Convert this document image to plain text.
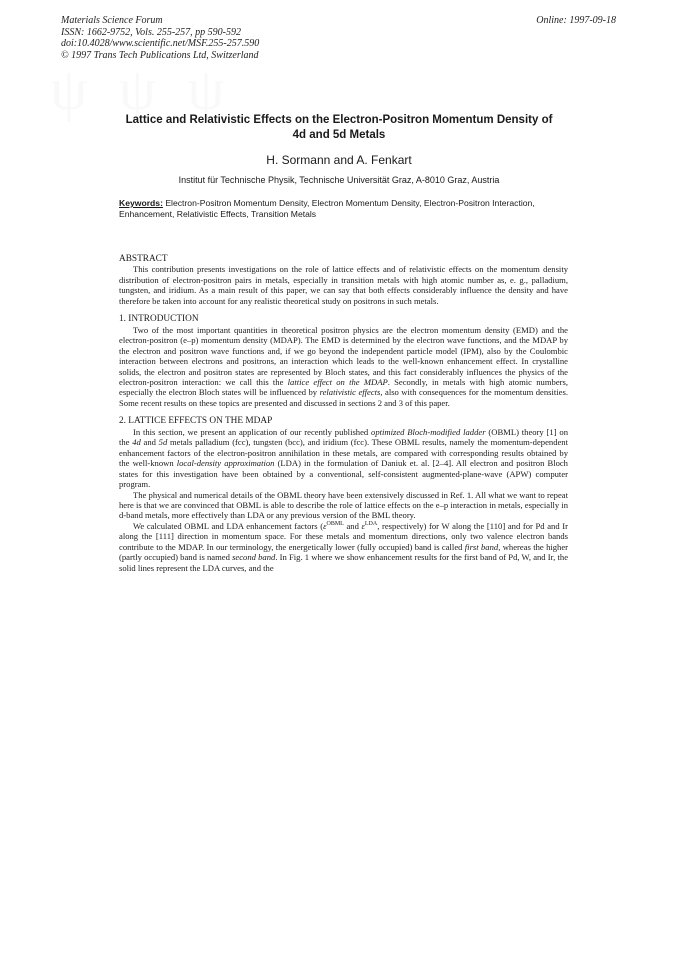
Materials Science Forum
ISSN: 1662-9752, Vols. 255-257, pp 590-592
doi:10.4028/www.scientific.net/MSF.255-257.590
© 1997 Trans Tech Publications Ltd, Switzerland
Online: 1997-09-18
Lattice and Relativistic Effects on the Electron-Positron Momentum Density of 4d and 5d Metals
H. Sormann and A. Fenkart
Institut für Technische Physik, Technische Universität Graz, A-8010 Graz, Austria
Keywords: Electron-Positron Momentum Density, Electron Momentum Density, Electron-Positron Interaction, Enhancement, Relativistic Effects, Transition Metals
ABSTRACT

This contribution presents investigations on the role of lattice effects and of relativistic effects on the momentum density distribution of electron-positron pairs in metals, especially in transition metals with high atomic number as, e. g., palladium, tungsten, and iridium. As a main result of this paper, we can say that both effects considerably influence the density and have therefore be taken into account for any realistic theoretical study on positrons in such metals.

1. INTRODUCTION

Two of the most important quantities in theoretical positron physics are the electron momentum density (EMD) and the electron-positron (e–p) momentum density (MDAP). The EMD is determined by the electron wave functions, and the MDAP by the electron and positron wave functions and, if we go beyond the independent particle model (IPM), also by the Coulombic interaction between electrons and positrons, an interaction which leads to the well-known enhancement effect. In crystalline solids, the electron and positron states are represented by Bloch states, and this fact considerably influences the physics of the electron-positron interaction: we call this the lattice effect on the MDAP. Secondly, in metals with high atomic numbers, especially the electron Bloch states will be influenced by relativistic effects, also with consequences for the momentum densities. Some recent results on these topics are presented and discussed in sections 2 and 3 of this paper.

2. LATTICE EFFECTS ON THE MDAP

In this section, we present an application of our recently published optimized Bloch-modified ladder (OBML) theory [1] on the 4d and 5d metals palladium (fcc), tungsten (bcc), and iridium (fcc). These OBML results, namely the momentum-dependent enhancement factors of the electron-positron annihilation in these metals, are compared with corresponding results obtained by the well-known local-density approximation (LDA) in the formulation of Daniuk et. al. [2–4]. All electron and positron Bloch states for this investigation have been obtained by a conventional, self-consistent augmented-plane-wave (APW) computer program.

The physical and numerical details of the OBML theory have been extensively discussed in Ref. 1. All what we want to repeat here is that we are convinced that OBML is able to describe the role of lattice effects on the e–p interaction in metals, especially in d-band metals, more effectively than LDA or any previous version of the BML theory.

We calculated OBML and LDA enhancement factors ($\varepsilon^{OBML}$ and $\varepsilon^{LDA}$, respectively) for W along the [110] and for Pd and Ir along the [111] direction in momentum space. For these metals and momentum directions, only two valence electron bands contribute to the MDAP. In our terminology, the energetically lower (fully occupied) band is called first band, whereas the higher (partly occupied) band is named second band. In Fig. 1 where we show enhancement results for the first band of Pd, W, and Ir, the solid lines represent the LDA curves, and the
